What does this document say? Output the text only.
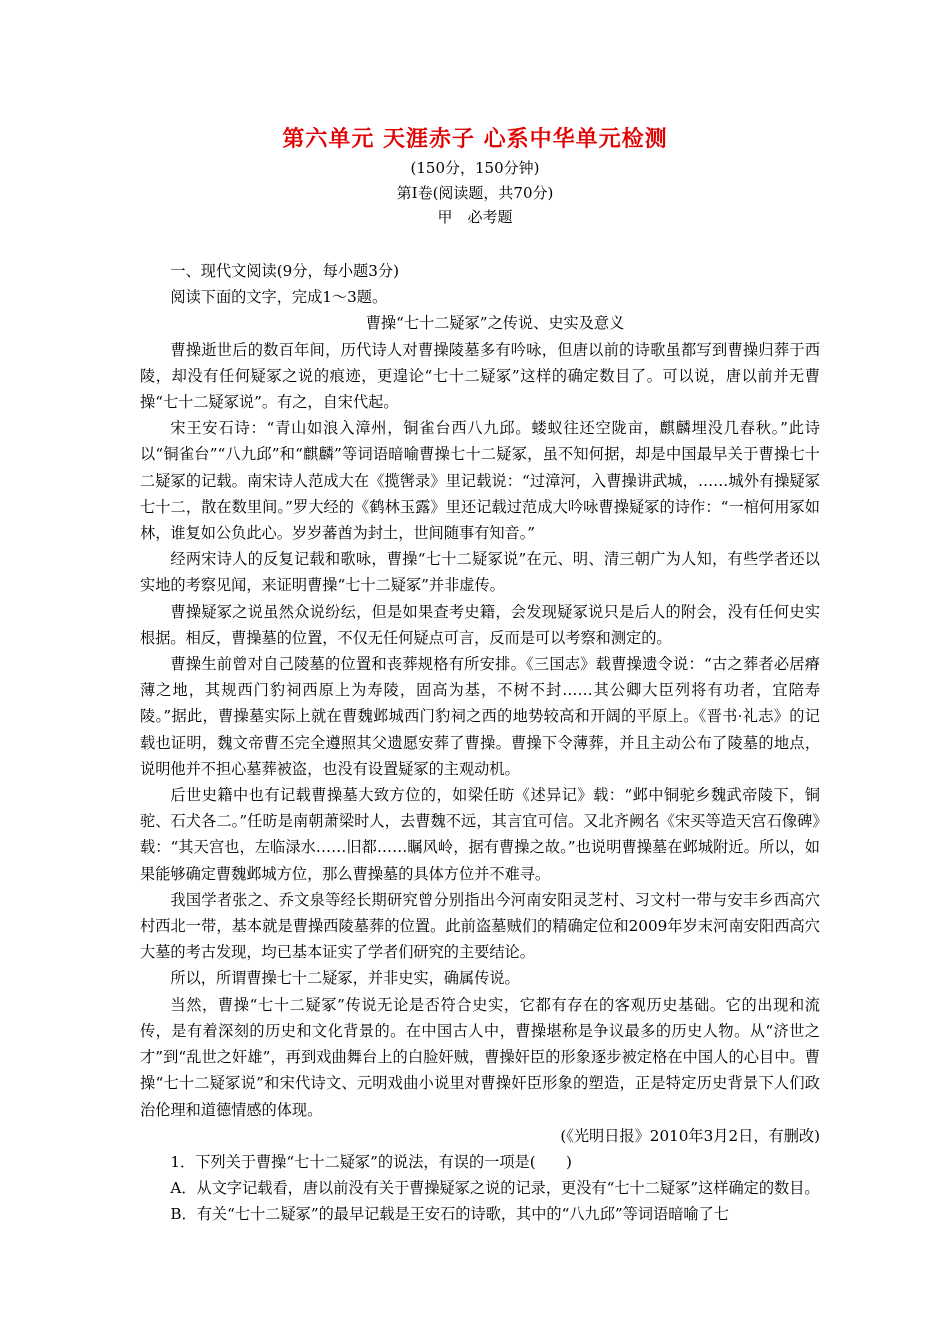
第六单元 天涯赤子 心系中华单元检测
(150分，150分钟)
第Ⅰ卷(阅读题，共70分)
甲　必考题

一、现代文阅读(9分，每小题3分)

阅读下面的文字，完成1～3题。

曹操“七十二疑冢”之传说、史实及意义

曹操逝世后的数百年间，历代诗人对曹操陵墓多有吟咏，但唐以前的诗歌虽都写到曹操归葬于西陵，却没有任何疑冢之说的痕迹，更遑论“七十二疑冢”这样的确定数目了。可以说，唐以前并无曹操“七十二疑冢说”。有之，自宋代起。

宋王安石诗：“青山如浪入漳州，铜雀台西八九邱。蝼蚁往还空陇亩，麒麟埋没几春秋。”此诗以“铜雀台”“八九邱”和“麒麟”等词语暗喻曹操七十二疑冢，虽不知何据，却是中国最早关于曹操七十二疑冢的记载。南宋诗人范成大在《揽辔录》里记载说：“过漳河，入曹操讲武城，……城外有操疑冢七十二，散在数里间。”罗大经的《鹤林玉露》里还记载过范成大吟咏曹操疑冢的诗作：“一棺何用冢如林，谁复如公负此心。岁岁蕃酋为封土，世间随事有知音。”

经两宋诗人的反复记载和歌咏，曹操“七十二疑冢说”在元、明、清三朝广为人知，有些学者还以实地的考察见闻，来证明曹操“七十二疑冢”并非虚传。

曹操疑冢之说虽然众说纷纭，但是如果查考史籍，会发现疑冢说只是后人的附会，没有任何史实根据。相反，曹操墓的位置，不仅无任何疑点可言，反而是可以考察和测定的。

曹操生前曾对自己陵墓的位置和丧葬规格有所安排。《三国志》载曹操遗令说：“古之葬者必居瘠薄之地，其规西门豹祠西原上为寿陵，固高为基，不树不封……其公卿大臣列将有功者，宜陪寿陵。”据此，曹操墓实际上就在曹魏邺城西门豹祠之西的地势较高和开阔的平原上。《晋书·礼志》的记载也证明，魏文帝曹丕完全遵照其父遗愿安葬了曹操。曹操下令薄葬，并且主动公布了陵墓的地点，说明他并不担心墓葬被盗，也没有设置疑冢的主观动机。

后世史籍中也有记载曹操墓大致方位的，如梁任昉《述异记》载：“邺中铜驼乡魏武帝陵下，铜驼、石犬各二。”任昉是南朝萧梁时人，去曹魏不远，其言宜可信。又北齐阙名《宋买等造天宫石像碑》载：“其天宫也，左临渌水……旧都……瞩风岭，据有曹操之故。”也说明曹操墓在邺城附近。所以，如果能够确定曹魏邺城方位，那么曹操墓的具体方位并不难寻。

我国学者张之、乔文泉等经长期研究曾分别指出今河南安阳灵芝村、习文村一带与安丰乡西高穴村西北一带，基本就是曹操西陵墓葬的位置。此前盗墓贼们的精确定位和2009年岁末河南安阳西高穴大墓的考古发现，均已基本证实了学者们研究的主要结论。

所以，所谓曹操七十二疑冢，并非史实，确属传说。

当然，曹操“七十二疑冢”传说无论是否符合史实，它都有存在的客观历史基础。它的出现和流传，是有着深刻的历史和文化背景的。在中国古人中，曹操堪称是争议最多的历史人物。从“济世之才”到“乱世之奸雄”，再到戏曲舞台上的白脸奸贼，曹操奸臣的形象逐步被定格在中国人的心目中。曹操“七十二疑冢说”和宋代诗文、元明戏曲小说里对曹操奸臣形象的塑造，正是特定历史背景下人们政治伦理和道德情感的体现。

(《光明日报》2010年3月2日，有删改)

1．下列关于曹操“七十二疑冢”的说法，有误的一项是(　　)

A．从文字记载看，唐以前没有关于曹操疑冢之说的记录，更没有“七十二疑冢”这样确定的数目。

B．有关“七十二疑冢”的最早记载是王安石的诗歌，其中的“八九邱”等词语暗喻了七
